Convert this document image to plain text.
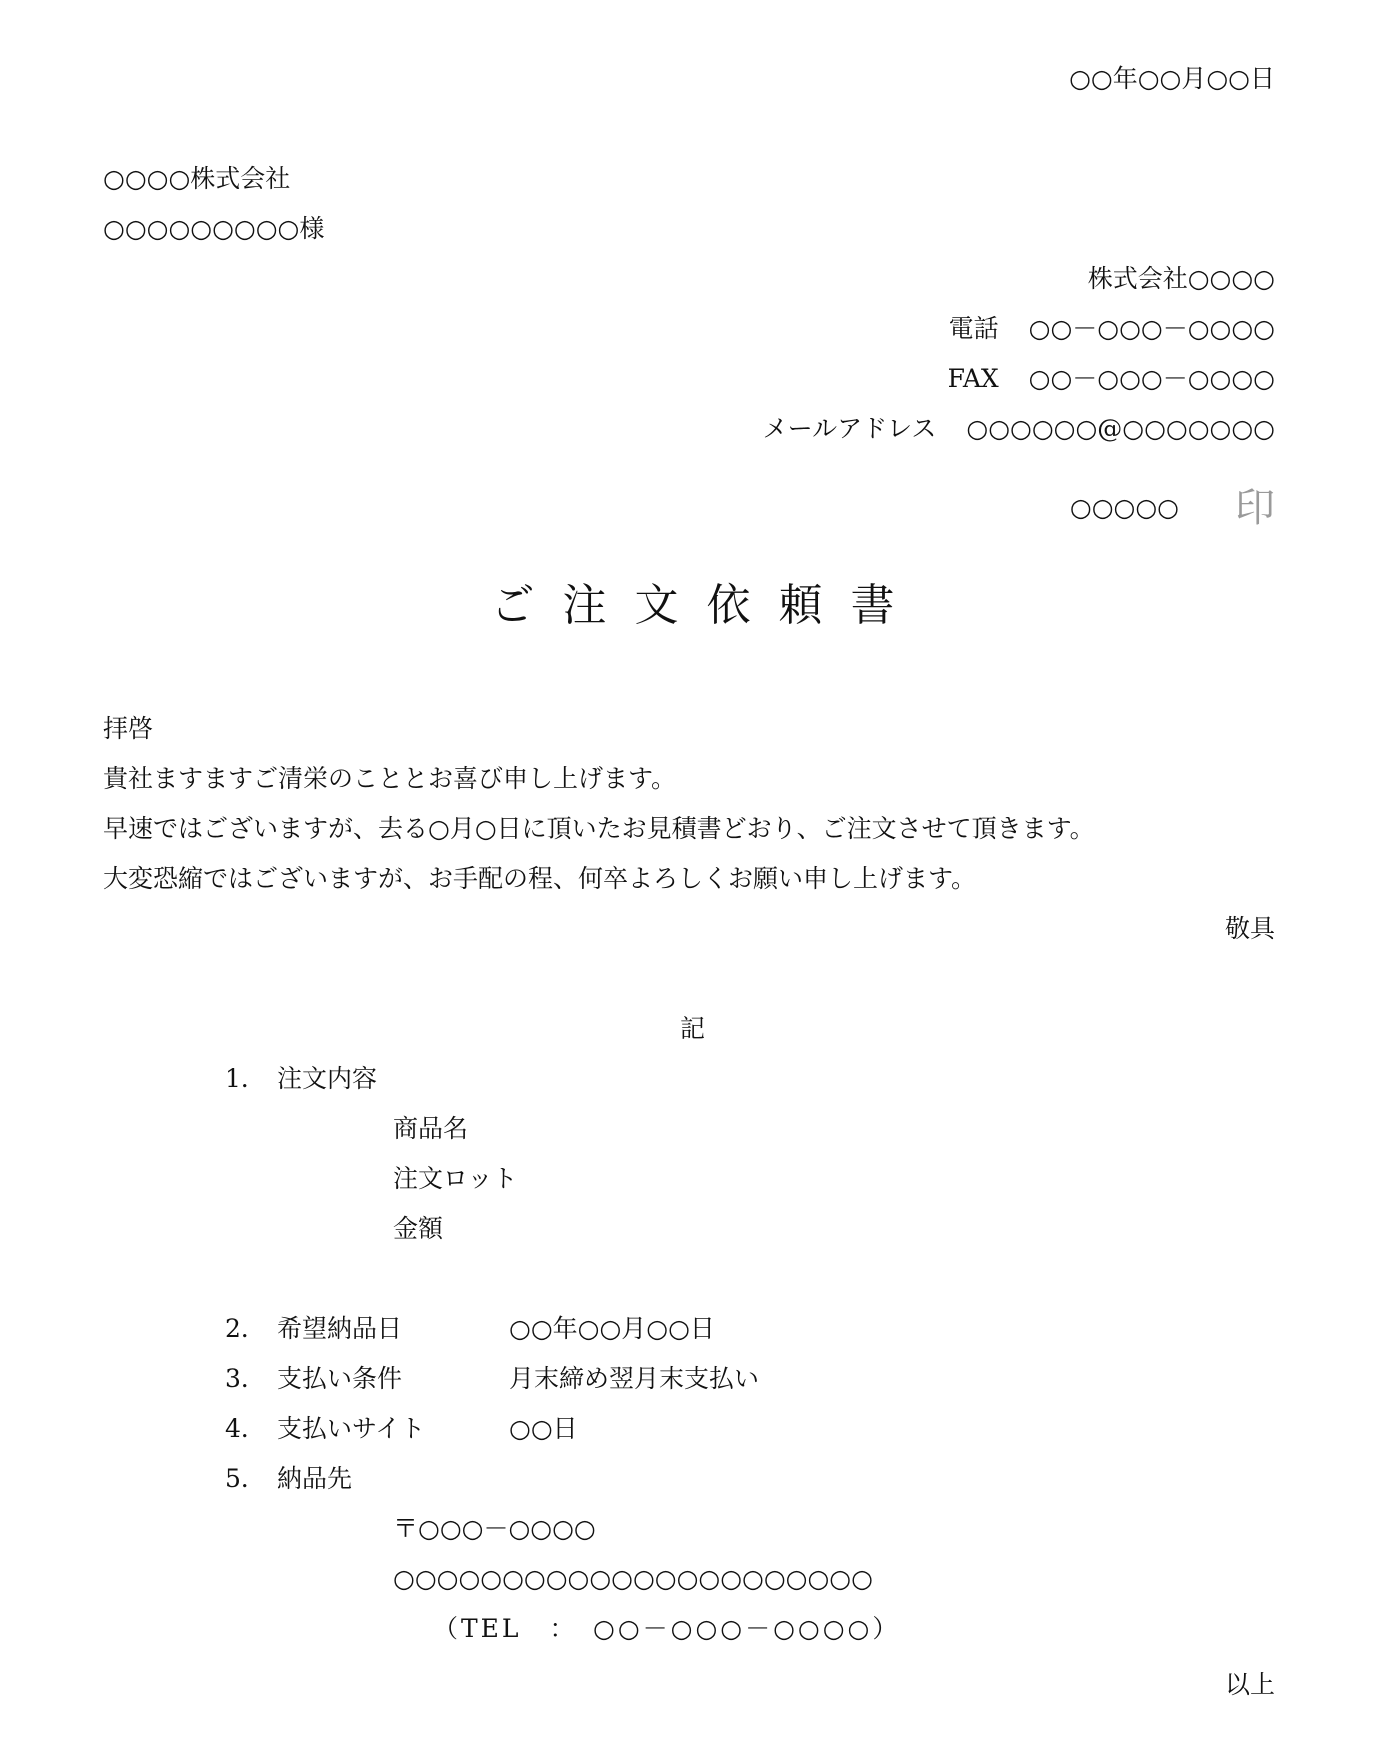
○○年○○月○○日
○○○○株式会社
○○○○○○○○○様
株式会社○○○○
電話 ○○－○○○－○○○○
FAX ○○－○○○－○○○○
メールアドレス ○○○○○○@○○○○○○○
○○○○○ 印
ご注文依頼書
拝啓
貴社ますますご清栄のこととお喜び申し上げます。
早速ではございますが、去る○月○日に頂いたお見積書どおり、ご注文させて頂きます。
大変恐縮ではございますが、お手配の程、何卒よろしくお願い申し上げます。
敬具
記
1． 注文内容
商品名
注文ロット
金額
2． 希望納品日	○○年○○月○○日
3． 支払い条件	月末締め翌月末支払い
4． 支払いサイト	○○日
5． 納品先
〒○○○－○○○○
○○○○○○○○○○○○○○○○○○○○○○
（TEL　：　○○－○○○－○○○○）
以上
